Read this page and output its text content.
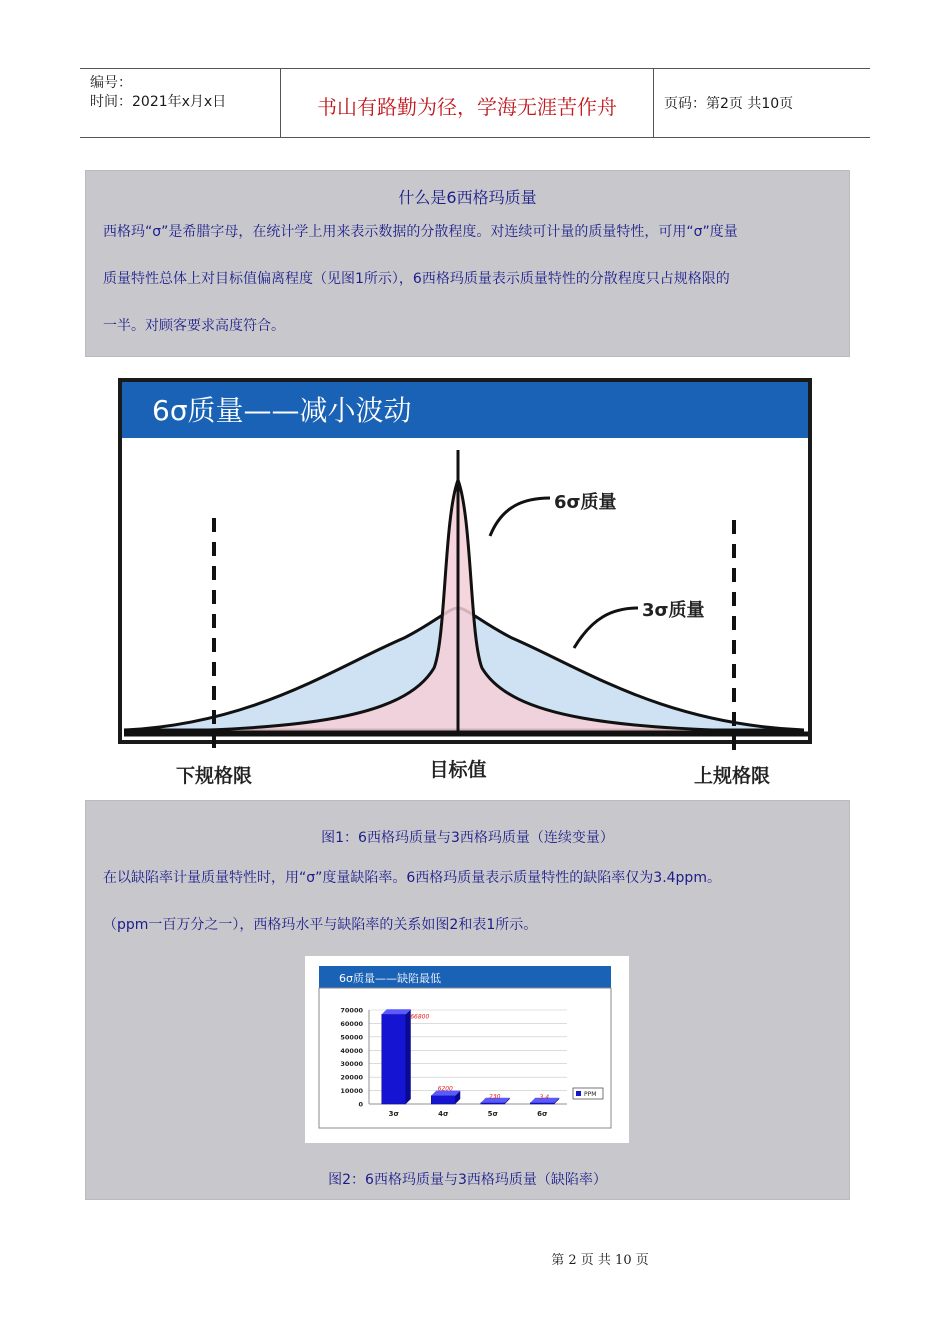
编号：
时间：2021年x月x日	书山有路勤为径，学海无涯苦作舟	页码：第2页 共10页
什么是6西格玛质量
西格玛“σ”是希腊字母，在统计学上用来表示数据的分散程度。对连续可计量的质量特性，可用“σ”度量
质量特性总体上对目标值偏离程度（见图1所示），6西格玛质量表示质量特性的分散程度只占规格限的
一半。对顾客要求高度符合。
6σ质量——减小波动
6σ质量
3σ质量
下规格限	目标值	上规格限
图1：6西格玛质量与3西格玛质量（连续变量）
在以缺陷率计量质量特性时，用“σ”度量缺陷率。6西格玛质量表示质量特性的缺陷率仅为3.4ppm。
（ppm一百万分之一），西格玛水平与缺陷率的关系如图2和表1所示。
图2：6西格玛质量与3西格玛质量（缺陷率）
6σ质量——缺陷最低
70000
60000
50000
40000
30000
20000
10000
0
66800
6200
230	3.4
3σ	4σ	5σ	6σ
PPM
第 2 页 共 10 页
